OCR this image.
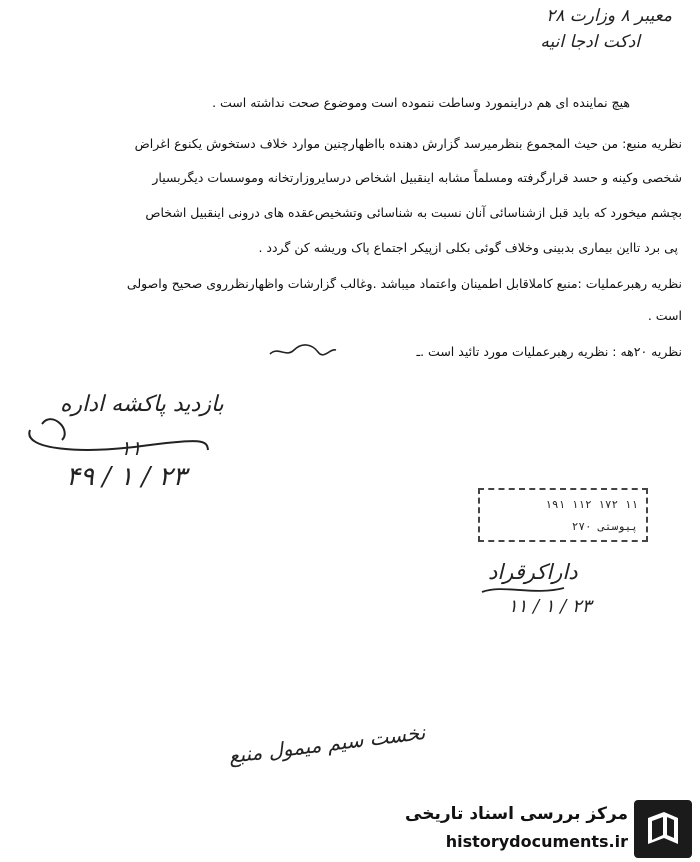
معیبر ۸ وزارت ۲۸
ادکت ادجا انیه
هیچ نماینده ای هم دراینمورد وساطت ننموده است وموضوع صحت نداشته است .
نظریه منبع: من حیث المجموع بنظرمیرسد گزارش دهنده بااظهارچنین موارد خلاف دستخوش یکنوع اغراض
شخصی وکینه‌ و حسد قرارگرفته ومسلماً مشابه اینقبیل اشخاص درسایروزارتخانه وموسسات دیگربسیار
بچشم میخورد که باید قبل ازشناسائی آنان نسبت به شناسائی وتشخیص‌عقده های درونی اینقبیل اشخاص
پی برد تااین بیماری بدبینی وخلاف گوئی بکلی ازپیکر اجتماع پاک وریشه کن گردد .
نظریه رهبرعملیات :منبع کاملاقابل اطمینان واعتماد میباشد .وغالب گزارشات واظهارنظرروی صحیح واصولی
است .
نظریه ۲۰هه : نظریه رهبرعملیات مورد تائید است .ـ
بازدید پاکشه اداره
۱۱
۲۳ / ۱ / ۴۹
۱۱ ۱۷۲ ۱۱۲ ۱۹۱
پیوستی ۲۷۰
داراکرقراد
۲۳ / ۱ / ۱۱
نخست سیم میمول منبع
مرکز بررسی اسناد تاریخی
historydocuments.ir
